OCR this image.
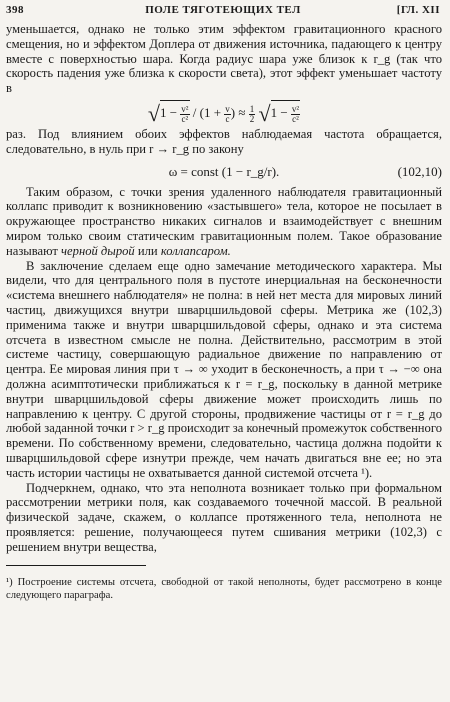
398	ПОЛЕ ТЯГОТЕЮЩИХ ТЕЛ	[ГЛ. XII

уменьшается, однако не только этим эффектом гравитационного красного смещения, но и эффектом Доплера от движения источника, падающего к центру вместе с поверхностью шара. Когда радиус шара уже близок к r_g (так что скорость падения уже близка к скорости света), этот эффект уменьшает частоту в

$√1 - \frac{\text{v²}}{\text{c²}} / (1 + \frac{v}{c}$ ) ≈ $\frac{1}{2} √1 - \frac{\text{v²}}{\text{c²}}$

раз. Под влиянием обоих эффектов наблюдаемая частота обращается, следовательно, в нуль при r → r_g по закону

ω = const (1 − r_g/r).	(102,10)

Таким образом, с точки зрения удаленного наблюдателя гравитационный коллапс приводит к возникновению «застывшего» тела, которое не посылает в окружающее пространство никаких сигналов и взаимодействует с внешним миром только своим статическим гравитационным полем. Такое образование называют черной дырой или коллапсаром.

В заключение сделаем еще одно замечание методического характера. Мы видели, что для центрального поля в пустоте инерциальная на бесконечности «система внешнего наблюдателя» не полна: в ней нет места для мировых линий частиц, движущихся внутри шварцшильдовой сферы. Метрика же (102,3) применима также и внутри шварцшильдовой сферы, однако и эта система отсчета в известном смысле не полна. Действительно, рассмотрим в этой системе частицу, совершающую радиальное движение по направлению от центра. Ее мировая линия при τ → ∞ уходит в бесконечность, а при τ → −∞ она должна асимптотически приближаться к r = r_g, поскольку в данной метрике внутри шварцшильдовой сферы движение может происходить лишь по направлению к центру. С другой стороны, продвижение частицы от r = r_g до любой заданной точки r > r_g происходит за конечный промежуток собственного времени. По собственному времени, следовательно, частица должна подойти к шварцшильдовой сфере изнутри прежде, чем начать двигаться вне ее; но эта часть истории частицы не охватывается данной системой отсчета ¹).

Подчеркнем, однако, что эта неполнота возникает только при формальном рассмотрении метрики поля, как создаваемого точечной массой. В реальной физической задаче, скажем, о коллапсе протяженного тела, неполнота не проявляется: решение, получающееся путем сшивания метрики (102,3) с решением внутри вещества,

¹) Построение системы отсчета, свободной от такой неполноты, будет рассмотрено в конце следующего параграфа.
